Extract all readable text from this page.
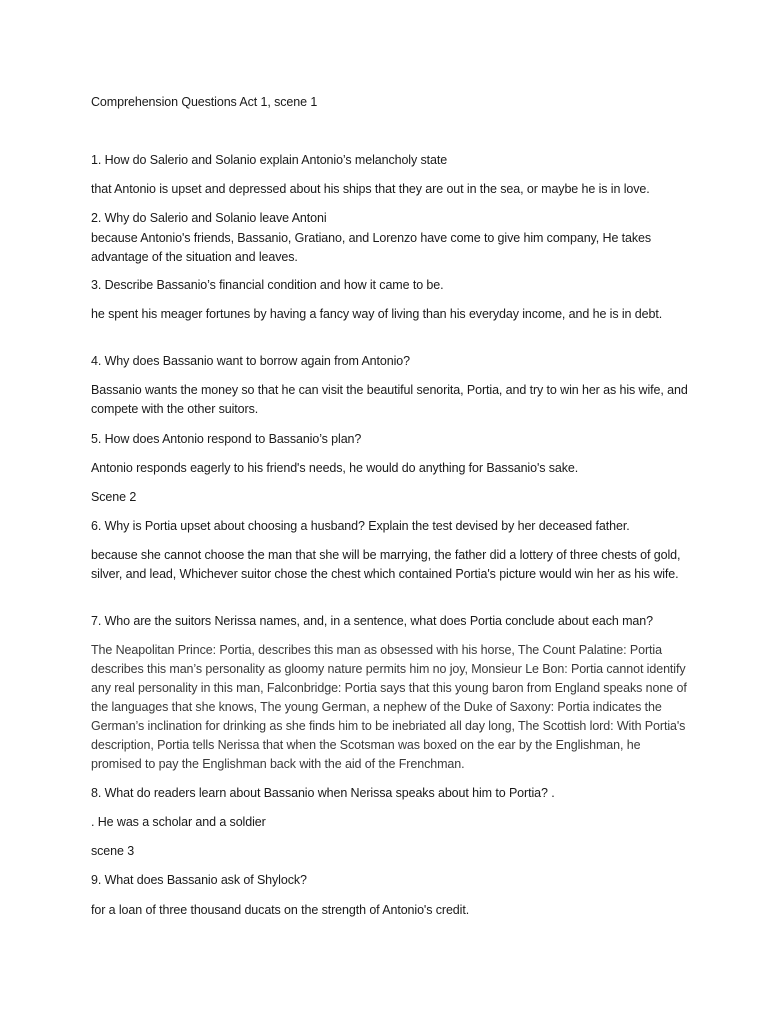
Comprehension Questions Act 1, scene 1
1. How do Salerio and Solanio explain Antonio’s melancholy state
that Antonio is upset and depressed about his ships that they are out in the sea, or maybe he is in love.
2. Why do Salerio and Solanio leave Antoni
because Antonio's friends, Bassanio, Gratiano, and Lorenzo have come to give him company, He takes advantage of the situation and leaves.
3. Describe Bassanio’s financial condition and how it came to be.
he spent his meager fortunes by having a fancy way of living than his everyday income, and he is in debt.
4. Why does Bassanio want to borrow again from Antonio?
Bassanio wants the money so that he can visit the beautiful senorita, Portia, and try to win her as his wife, and compete with the other suitors.
5. How does Antonio respond to Bassanio’s plan?
Antonio responds eagerly to his friend's needs, he would do anything for Bassanio's sake.
Scene 2
6. Why is Portia upset about choosing a husband? Explain the test devised by her deceased father.
because she cannot choose the man that she will be marrying, the father did a lottery of three chests of gold, silver, and lead, Whichever suitor chose the chest which contained Portia's picture would win her as his wife.
7. Who are the suitors Nerissa names, and, in a sentence, what does Portia conclude about each man?
The Neapolitan Prince: Portia, describes this man as obsessed with his horse, The Count Palatine: Portia describes this man’s personality as gloomy nature permits him no joy, Monsieur Le Bon: Portia cannot identify any real personality in this man, Falconbridge: Portia says that this young baron from England speaks none of the languages that she knows, The young German, a nephew of the Duke of Saxony: Portia indicates the German’s inclination for drinking as she finds him to be inebriated all day long, The Scottish lord: With Portia's description, Portia tells Nerissa that when the Scotsman was boxed on the ear by the Englishman, he promised to pay the Englishman back with the aid of the Frenchman.
8. What do readers learn about Bassanio when Nerissa speaks about him to Portia? .
. He was a scholar and a soldier
scene 3
9. What does Bassanio ask of Shylock?
for a loan of three thousand ducats on the strength of Antonio's credit.
